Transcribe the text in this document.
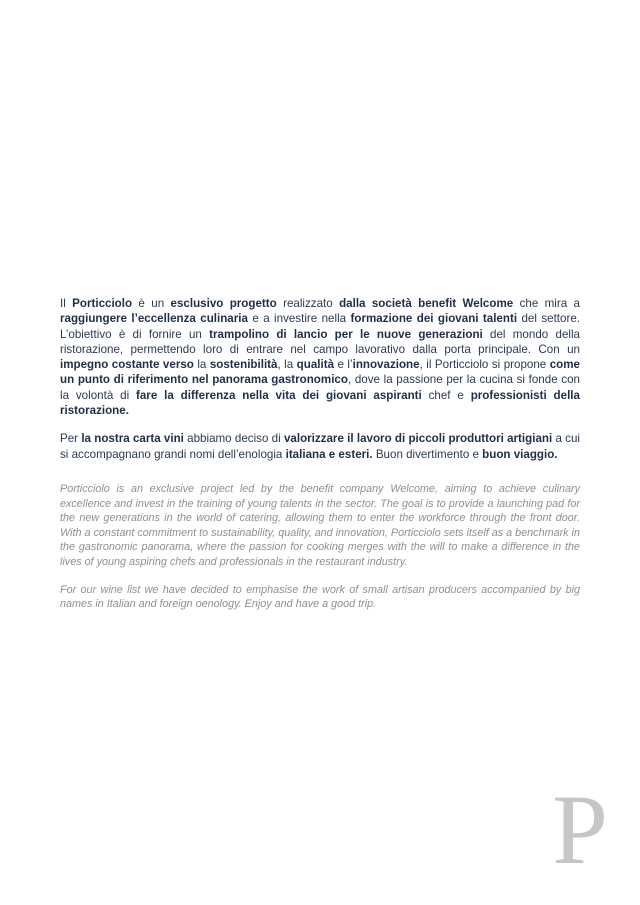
Il Porticciolo è un esclusivo progetto realizzato dalla società benefit Welcome che mira a raggiungere l’eccellenza culinaria e a investire nella formazione dei giovani talenti del settore. L’obiettivo è di fornire un trampolino di lancio per le nuove generazioni del mondo della ristorazione, permettendo loro di entrare nel campo lavorativo dalla porta principale. Con un impegno costante verso la sostenibilità, la qualità e l’innovazione, il Porticciolo si propone come un punto di riferimento nel panorama gastronomico, dove la passione per la cucina si fonde con la volontà di fare la differenza nella vita dei giovani aspiranti chef e professionisti della ristorazione.

Per la nostra carta vini abbiamo deciso di valorizzare il lavoro di piccoli produttori artigiani a cui si accompagnano grandi nomi dell’enologia italiana e esteri. Buon divertimento e buon viaggio.

Porticciolo is an exclusive project led by the benefit company Welcome, aiming to achieve culinary excellence and invest in the training of young talents in the sector. The goal is to provide a launching pad for the new generations in the world of catering, allowing them to enter the workforce through the front door. With a constant commitment to sustainability, quality, and innovation, Porticciolo sets itself as a benchmark in the gastronomic panorama, where the passion for cooking merges with the will to make a difference in the lives of young aspiring chefs and professionals in the restaurant industry.

For our wine list we have decided to emphasise the work of small artisan producers accompanied by big names in Italian and foreign oenology. Enjoy and have a good trip.

P
